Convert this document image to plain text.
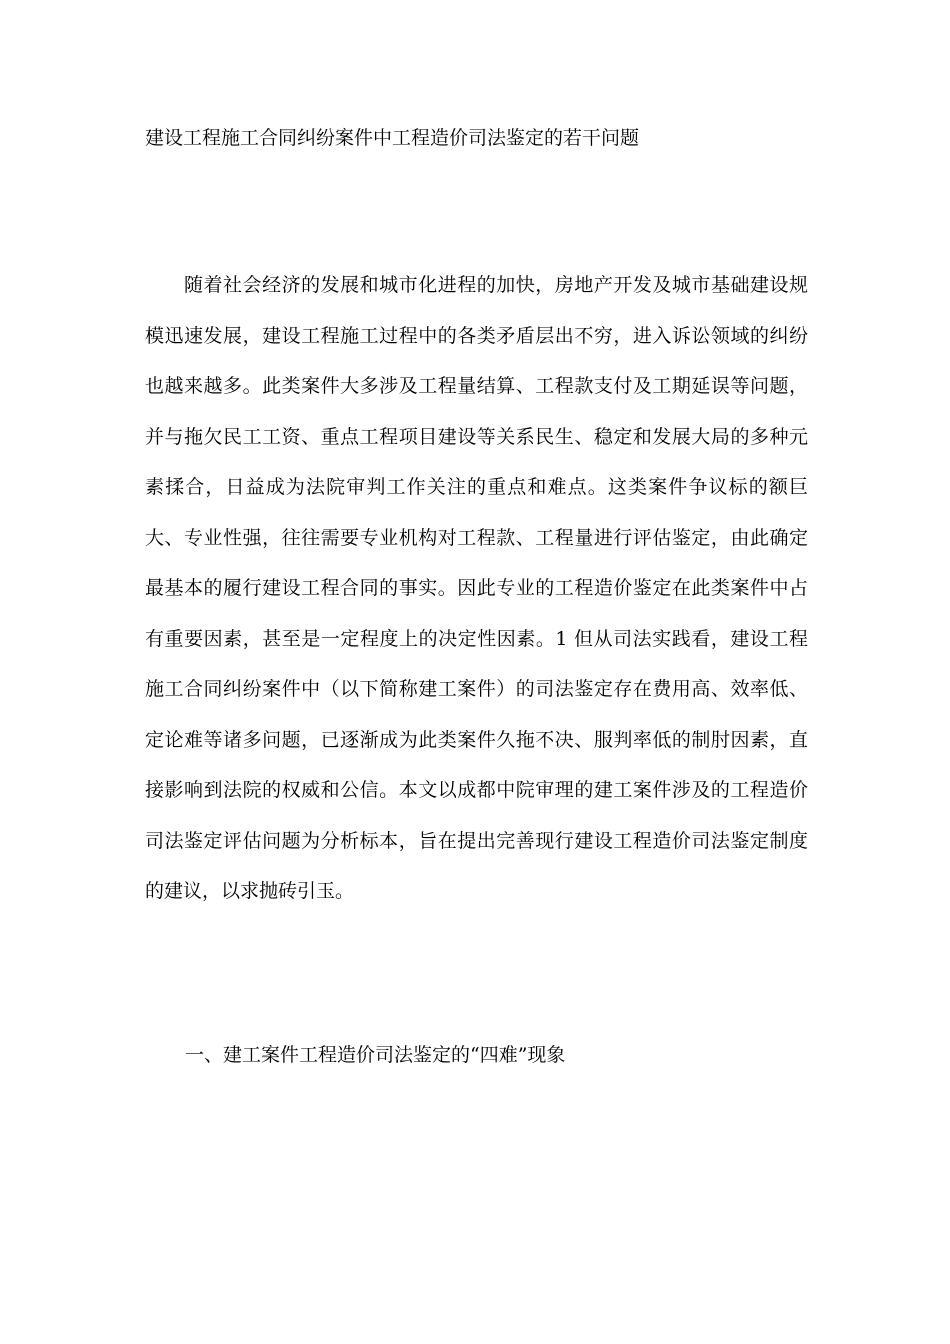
建设工程施工合同纠纷案件中工程造价司法鉴定的若干问题

随着社会经济的发展和城市化进程的加快，房地产开发及城市基础建设规模迅速发展，建设工程施工过程中的各类矛盾层出不穷，进入诉讼领域的纠纷也越来越多。此类案件大多涉及工程量结算、工程款支付及工期延误等问题，并与拖欠民工工资、重点工程项目建设等关系民生、稳定和发展大局的多种元素揉合，日益成为法院审判工作关注的重点和难点。这类案件争议标的额巨大、专业性强，往往需要专业机构对工程款、工程量进行评估鉴定，由此确定最基本的履行建设工程合同的事实。因此专业的工程造价鉴定在此类案件中占有重要因素，甚至是一定程度上的决定性因素。1 但从司法实践看，建设工程施工合同纠纷案件中（以下简称建工案件）的司法鉴定存在费用高、效率低、定论难等诸多问题，已逐渐成为此类案件久拖不决、服判率低的制肘因素，直接影响到法院的权威和公信。本文以成都中院审理的建工案件涉及的工程造价司法鉴定评估问题为分析标本，旨在提出完善现行建设工程造价司法鉴定制度的建议，以求抛砖引玉。

一、建工案件工程造价司法鉴定的“四难”现象
